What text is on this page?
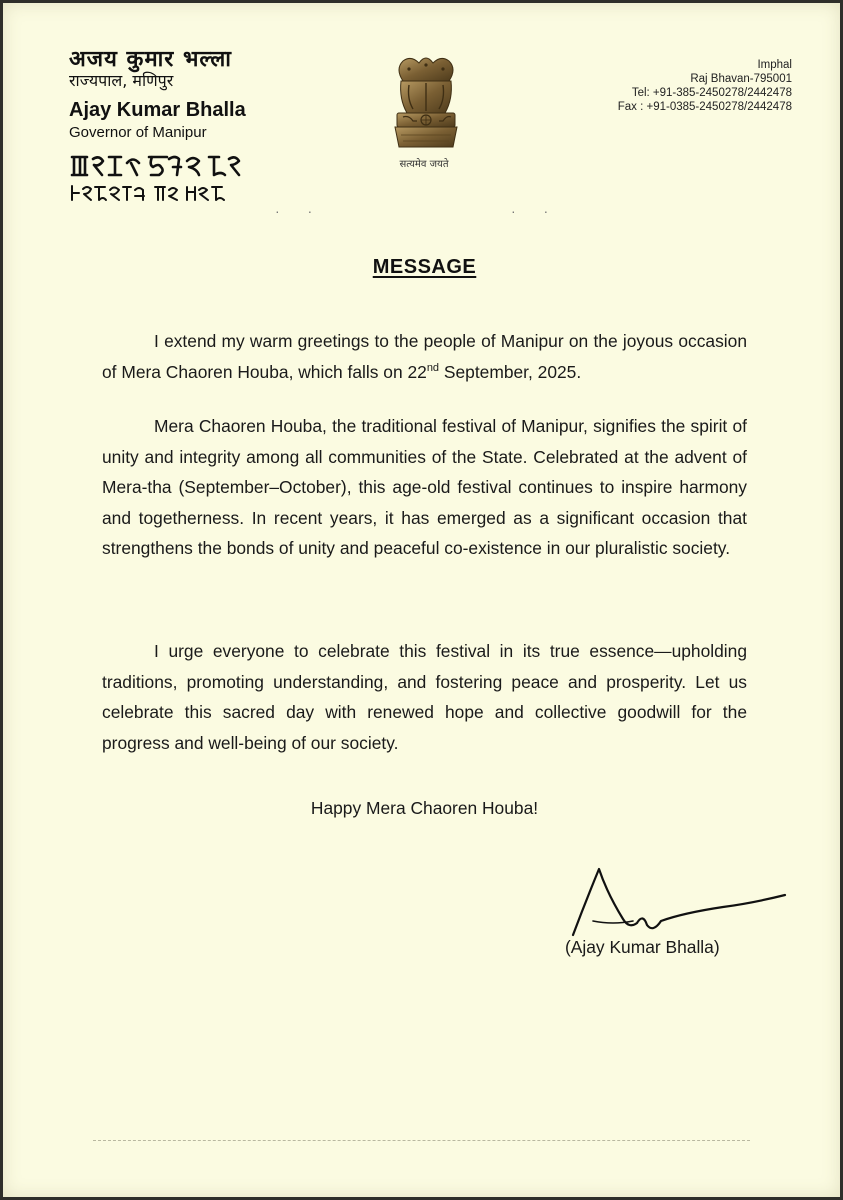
अजय कुमार भल्ला
राज्यपाल, मणिपुर
Ajay Kumar Bhalla
Governor of Manipur
सत्यमेव जयते
Imphal
Raj Bhavan-795001
Tel: +91-385-2450278/2442478
Fax : +91-0385-2450278/2442478
· ·	· ·
MESSAGE
I extend my warm greetings to the people of Manipur on the joyous occasion of Mera Chaoren Houba, which falls on 22nd September, 2025.
Mera Chaoren Houba, the traditional festival of Manipur, signifies the spirit of unity and integrity among all communities of the State. Celebrated at the advent of Mera-tha (September–October), this age-old festival continues to inspire harmony and togetherness. In recent years, it has emerged as a significant occasion that strengthens the bonds of unity and peaceful co-existence in our pluralistic society.
I urge everyone to celebrate this festival in its true essence—upholding traditions, promoting understanding, and fostering peace and prosperity. Let us celebrate this sacred day with renewed hope and collective goodwill for the progress and well-being of our society.
Happy Mera Chaoren Houba!
(Ajay Kumar Bhalla)
